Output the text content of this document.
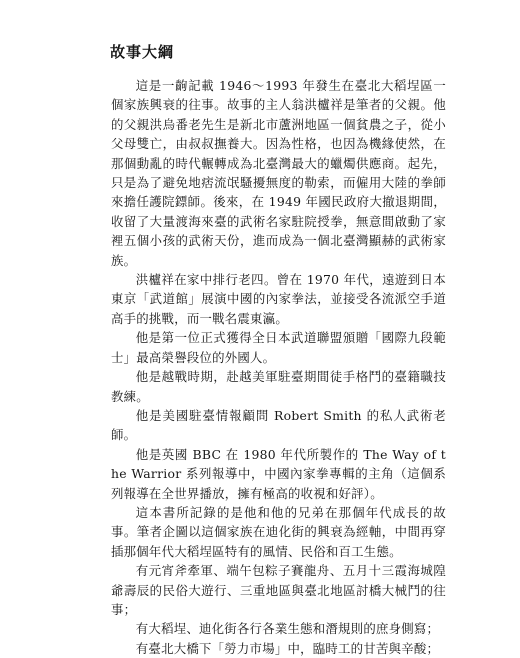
故事大綱

這是一齣記載 1946～1993 年發生在臺北大稻埕區一個家族興衰的往事。故事的主人翁洪櫨祥是筆者的父親。他的父親洪烏番老先生是新北市蘆洲地區一個貧農之子，從小父母雙亡，由叔叔撫養大。因為性格，也因為機緣使然，在那個動亂的時代輾轉成為北臺灣最大的蠟燭供應商。起先，只是為了避免地痞流氓騷擾無度的勒索，而僱用大陸的拳師來擔任護院鏢師。後來，在 1949 年國民政府大撤退期間，收留了大量渡海來臺的武術名家駐院授拳，無意間啟動了家裡五個小孩的武術天份，進而成為一個北臺灣顯赫的武術家族。

洪櫨祥在家中排行老四。曾在 1970 年代，遠遊到日本東京「武道館」展演中國的內家拳法，並接受各流派空手道高手的挑戰，而一戰名震東瀛。

他是第一位正式獲得全日本武道聯盟頒贈「國際九段範士」最高榮譽段位的外國人。

他是越戰時期，赴越美軍駐臺期間徒手格鬥的臺籍職技教練。

他是美國駐臺情報顧問 Robert Smith 的私人武術老師。

他是英國 BBC 在 1980 年代所製作的 The Way of the Warrior 系列報導中，中國內家拳專輯的主角（這個系列報導在全世界播放，擁有極高的收視和好評）。

這本書所記錄的是他和他的兄弟在那個年代成長的故事。筆者企圖以這個家族在迪化街的興衰為經軸，中間再穿插那個年代大稻埕區特有的風情、民俗和百工生態。

有元宵斧牽軍、端午包粽子賽龍舟、五月十三霞海城隍爺壽辰的民俗大遊行、三重地區與臺北地區討橋大械鬥的往事；

有大稻埕、迪化街各行各業生態和潛規則的庶身側寫；

有臺北大橋下「勞力市場」中，臨時工的甘苦與辛酸；
